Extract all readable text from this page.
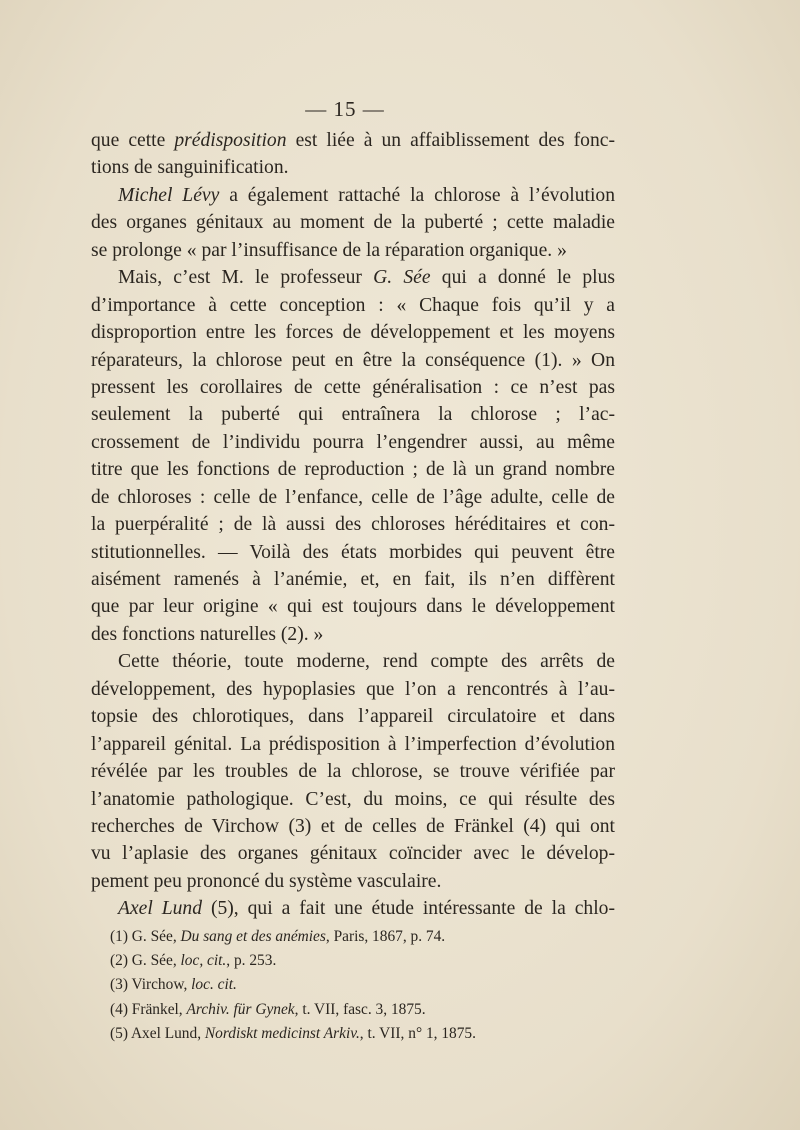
— 15 —
que cette prédisposition est liée à un affaiblissement des fonc-
tions de sanguinification.
Michel Lévy a également rattaché la chlorose à l’évolution
des organes génitaux au moment de la puberté ; cette maladie
se prolonge « par l’insuffisance de la réparation organique. »
Mais, c’est M. le professeur G. Sée qui a donné le plus
d’importance à cette conception : « Chaque fois qu’il y a
disproportion entre les forces de développement et les moyens
réparateurs, la chlorose peut en être la conséquence (1). » On
pressent les corollaires de cette généralisation : ce n’est pas
seulement la puberté qui entraînera la chlorose ; l’ac-
crossement de l’individu pourra l’engendrer aussi, au même
titre que les fonctions de reproduction ; de là un grand nombre
de chloroses : celle de l’enfance, celle de l’âge adulte, celle de
la puerpéralité ; de là aussi des chloroses héréditaires et con-
stitutionnelles. — Voilà des états morbides qui peuvent être
aisément ramenés à l’anémie, et, en fait, ils n’en diffèrent
que par leur origine « qui est toujours dans le développement
des fonctions naturelles (2). »
Cette théorie, toute moderne, rend compte des arrêts de
développement, des hypoplasies que l’on a rencontrés à l’au-
topsie des chlorotiques, dans l’appareil circulatoire et dans
l’appareil génital. La prédisposition à l’imperfection d’évolution
révélée par les troubles de la chlorose, se trouve vérifiée par
l’anatomie pathologique. C’est, du moins, ce qui résulte des
recherches de Virchow (3) et de celles de Fränkel (4) qui ont
vu l’aplasie des organes génitaux coïncider avec le dévelop-
pement peu prononcé du système vasculaire.
Axel Lund (5), qui a fait une étude intéressante de la chlo-
(1) G. Sée, Du sang et des anémies, Paris, 1867, p. 74.
(2) G. Sée, loc, cit., p. 253.
(3) Virchow, loc. cit.
(4) Fränkel, Archiv. für Gynek, t. VII, fasc. 3, 1875.
(5) Axel Lund, Nordiskt medicinst Arkiv., t. VII, n° 1, 1875.
